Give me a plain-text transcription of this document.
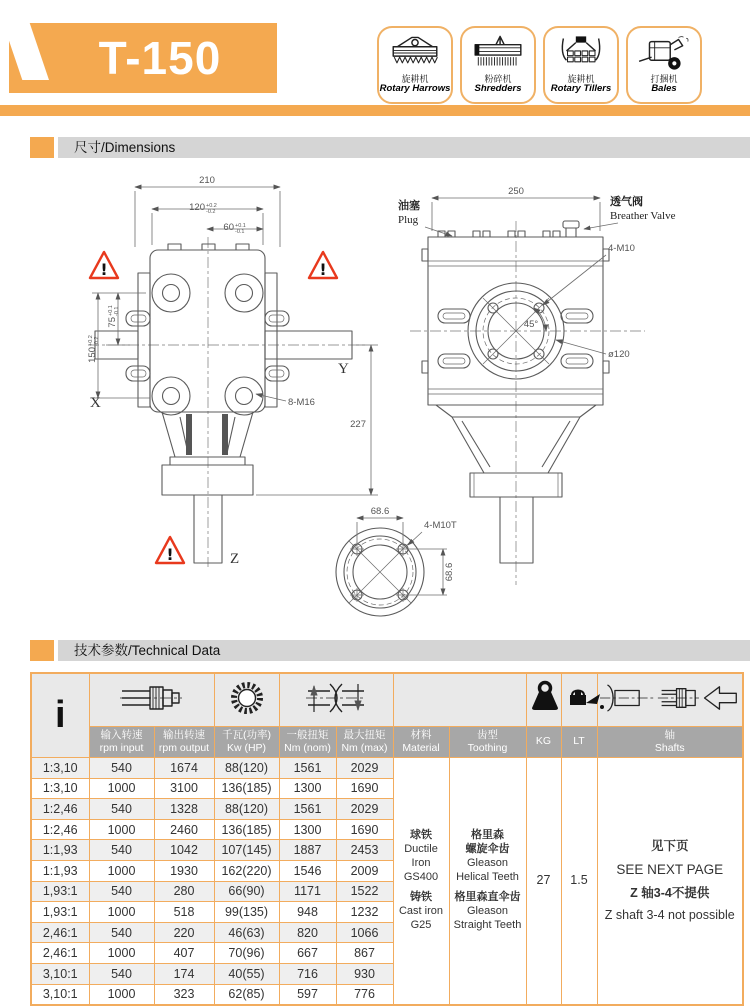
T-150	旋耕机
Rotary Harrows
粉碎机
Shredders
旋耕机
Rotary Tillers
打捆机
Bales
尺寸/Dimensions
210
120 +0.2
-0.2
60 +0.1
-0.1
75
+0.1 -0.1
150
+0.2 -0.2
227
8-M16
X
Y
Z
!	!
!
250
油塞
Plug
透气阀
Breather Valve
4-M10
45°
ø120
68.6
68.6
4-M10T
技术参数/Technical Data
i							

输入转速
rpm input

输出转速
rpm output

千瓦(功率)
Kw (HP)

一般扭矩
Nm (nom)

最大扭矩
Nm (max)

材料
Material

齿型
Toothing

KG	LT

轴
Shafts

1:3,10	540	1674	88(120)	1561	2029	
球铁
Ductile Iron
GS400
铸铁
Cast iron
G25

格里森
螺旋伞齿
Gleason
Helical Teeth
格里森直伞齿
Gleason
Straight Teeth

27	1.5

见下页
SEE NEXT PAGE
Z 轴3-4不提供
Z shaft 3-4 not possible

1:3,10	1000	3100	136(185)	1300	1690					
1:2,46	540	1328	88(120)	1561	2029					
1:2,46	1000	2460	136(185)	1300	1690					
1:1,93	540	1042	107(145)	1887	2453					
1:1,93	1000	1930	162(220)	1546	2009					
1,93:1	540	280	66(90)	1171	1522					
1,93:1	1000	518	99(135)	948	1232					
2,46:1	540	220	46(63)	820	1066					
2,46:1	1000	407	70(96)	667	867					
3,10:1	540	174	40(55)	716	930					
3,10:1	1000	323	62(85)	597	776					
